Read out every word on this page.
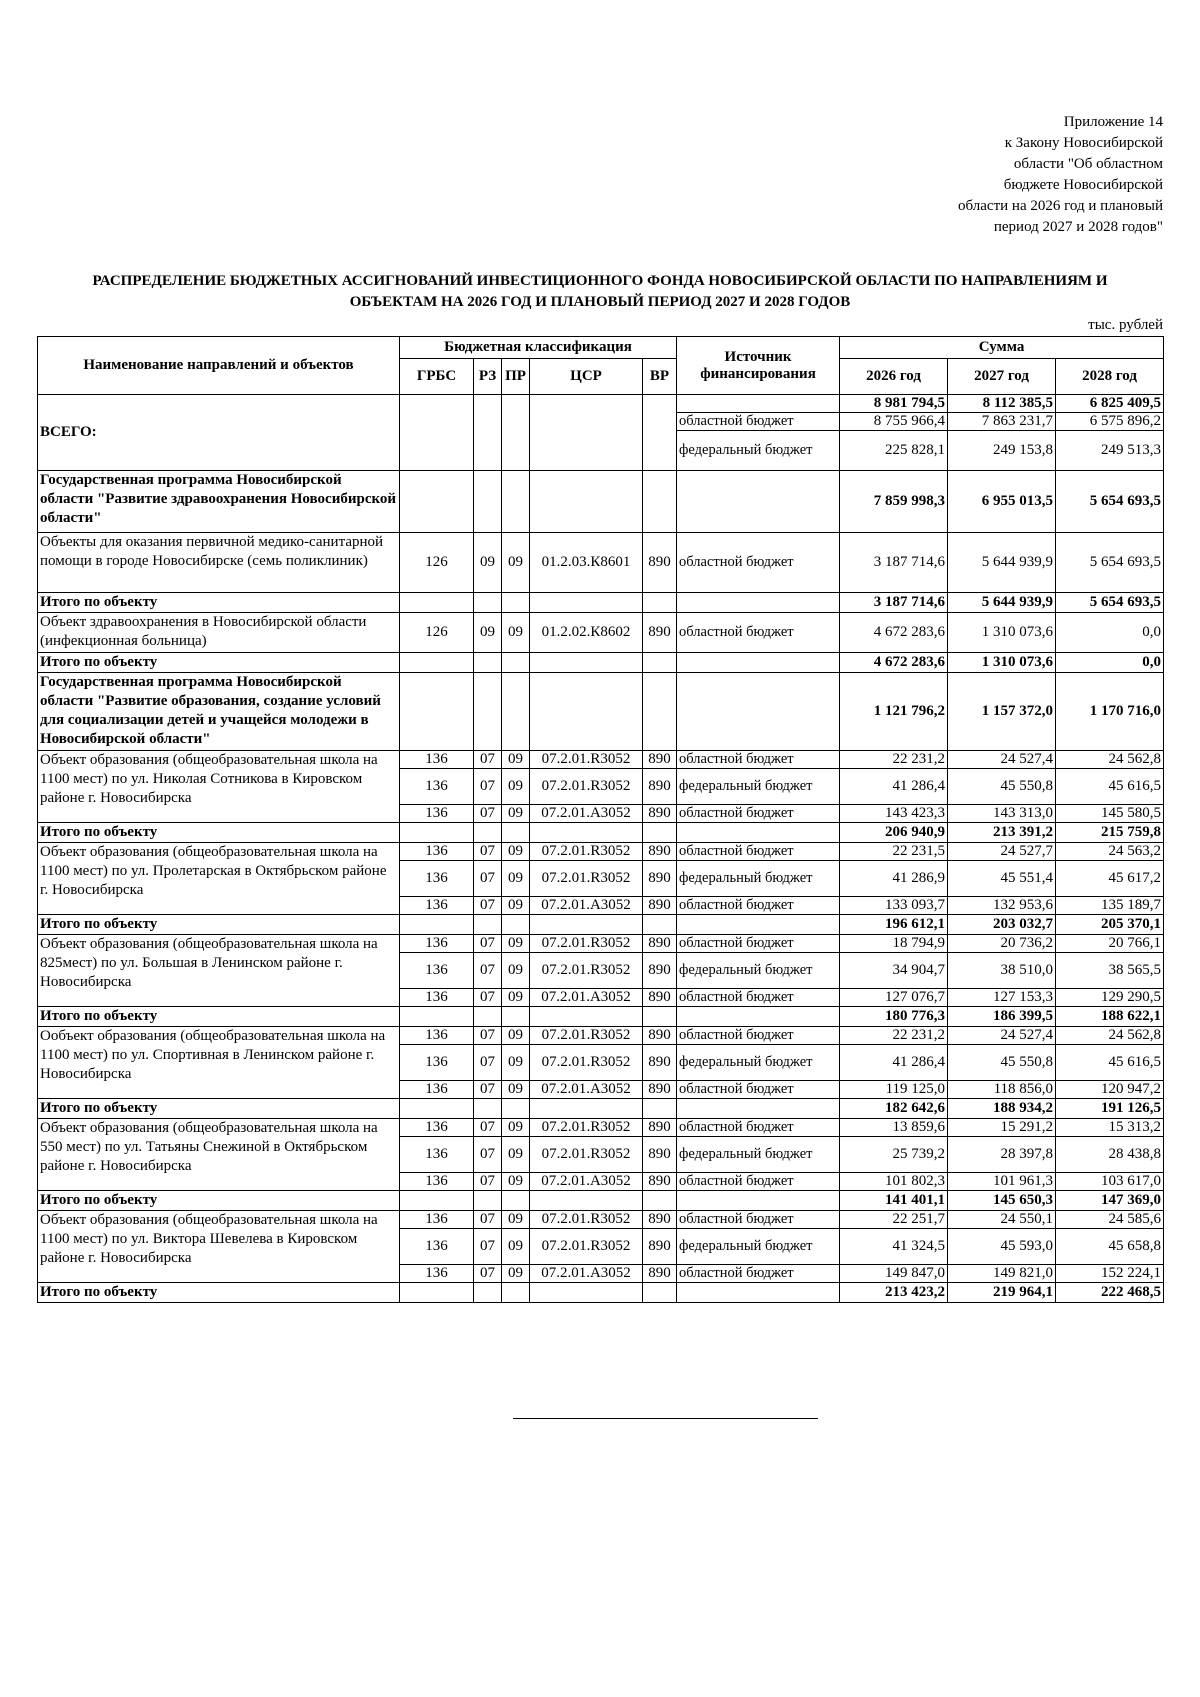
Приложение 14
к Закону Новосибирской
области "Об областном
бюджете Новосибирской
области на 2026 год и плановый
период 2027 и 2028 годов"
РАСПРЕДЕЛЕНИЕ БЮДЖЕТНЫХ АССИГНОВАНИЙ ИНВЕСТИЦИОННОГО ФОНДА НОВОСИБИРСКОЙ ОБЛАСТИ ПО НАПРАВЛЕНИЯМ И
ОБЪЕКТАМ НА 2026 ГОД И ПЛАНОВЫЙ ПЕРИОД 2027 И 2028 ГОДОВ
тыс. рублей
Наименование направлений и объектов	Бюджетная классификация					Источник финансирования	Сумма		
	ГРБС	РЗ	ПР	ЦСР	ВР		2026 год	2027 год	2028 год
ВСЕГО:							8 981 794,5	8 112 385,5	6 825 409,5
						областной бюджет	8 755 966,4	7 863 231,7	6 575 896,2
						федеральный бюджет	225 828,1	249 153,8	249 513,3
Государственная программа Новосибирской области "Развитие здравоохранения Новосибирской области"							7 859 998,3	6 955 013,5	5 654 693,5
Объекты для оказания первичной медико-санитарной помощи в городе Новосибирске (семь поликлиник)	126	09	09	01.2.03.К8601	890	областной бюджет	3 187 714,6	5 644 939,9	5 654 693,5
Итого по объекту							3 187 714,6	5 644 939,9	5 654 693,5
Объект здравоохранения в Новосибирской области (инфекционная больница)	126	09	09	01.2.02.К8602	890	областной бюджет	4 672 283,6	1 310 073,6	0,0
Итого по объекту							4 672 283,6	1 310 073,6	0,0
Государственная программа Новосибирской области "Развитие образования, создание условий для социализации детей и учащейся молодежи в Новосибирской области"							1 121 796,2	1 157 372,0	1 170 716,0
Объект образования (общеобразовательная школа на 1100 мест) по ул. Николая Сотникова в Кировском районе г. Новосибирска	136	07	09	07.2.01.R3052	890	областной бюджет	22 231,2	24 527,4	24 562,8
	136	07	09	07.2.01.R3052	890	федеральный бюджет	41 286,4	45 550,8	45 616,5
	136	07	09	07.2.01.А3052	890	областной бюджет	143 423,3	143 313,0	145 580,5
Итого по объекту							206 940,9	213 391,2	215 759,8
Объект образования (общеобразовательная школа на 1100 мест) по ул. Пролетарская в Октябрьском районе г. Новосибирска	136	07	09	07.2.01.R3052	890	областной бюджет	22 231,5	24 527,7	24 563,2
	136	07	09	07.2.01.R3052	890	федеральный бюджет	41 286,9	45 551,4	45 617,2
	136	07	09	07.2.01.А3052	890	областной бюджет	133 093,7	132 953,6	135 189,7
Итого по объекту							196 612,1	203 032,7	205 370,1
Объект образования (общеобразовательная школа на 825мест) по ул. Большая в Ленинском районе г. Новосибирска	136	07	09	07.2.01.R3052	890	областной бюджет	18 794,9	20 736,2	20 766,1
	136	07	09	07.2.01.R3052	890	федеральный бюджет	34 904,7	38 510,0	38 565,5
	136	07	09	07.2.01.А3052	890	областной бюджет	127 076,7	127 153,3	129 290,5
Итого по объекту							180 776,3	186 399,5	188 622,1
Ообъект образования (общеобразовательная школа на 1100 мест) по ул. Спортивная в Ленинском районе г. Новосибирска	136	07	09	07.2.01.R3052	890	областной бюджет	22 231,2	24 527,4	24 562,8
	136	07	09	07.2.01.R3052	890	федеральный бюджет	41 286,4	45 550,8	45 616,5
	136	07	09	07.2.01.А3052	890	областной бюджет	119 125,0	118 856,0	120 947,2
Итого по объекту							182 642,6	188 934,2	191 126,5
Объект образования (общеобразовательная школа на 550 мест) по ул. Татьяны Снежиной в Октябрьском районе г. Новосибирска	136	07	09	07.2.01.R3052	890	областной бюджет	13 859,6	15 291,2	15 313,2
	136	07	09	07.2.01.R3052	890	федеральный бюджет	25 739,2	28 397,8	28 438,8
	136	07	09	07.2.01.А3052	890	областной бюджет	101 802,3	101 961,3	103 617,0
Итого по объекту							141 401,1	145 650,3	147 369,0
Объект образования (общеобразовательная школа на 1100 мест) по ул. Виктора Шевелева в Кировском районе г. Новосибирска	136	07	09	07.2.01.R3052	890	областной бюджет	22 251,7	24 550,1	24 585,6
	136	07	09	07.2.01.R3052	890	федеральный бюджет	41 324,5	45 593,0	45 658,8
	136	07	09	07.2.01.А3052	890	областной бюджет	149 847,0	149 821,0	152 224,1
Итого по объекту							213 423,2	219 964,1	222 468,5
